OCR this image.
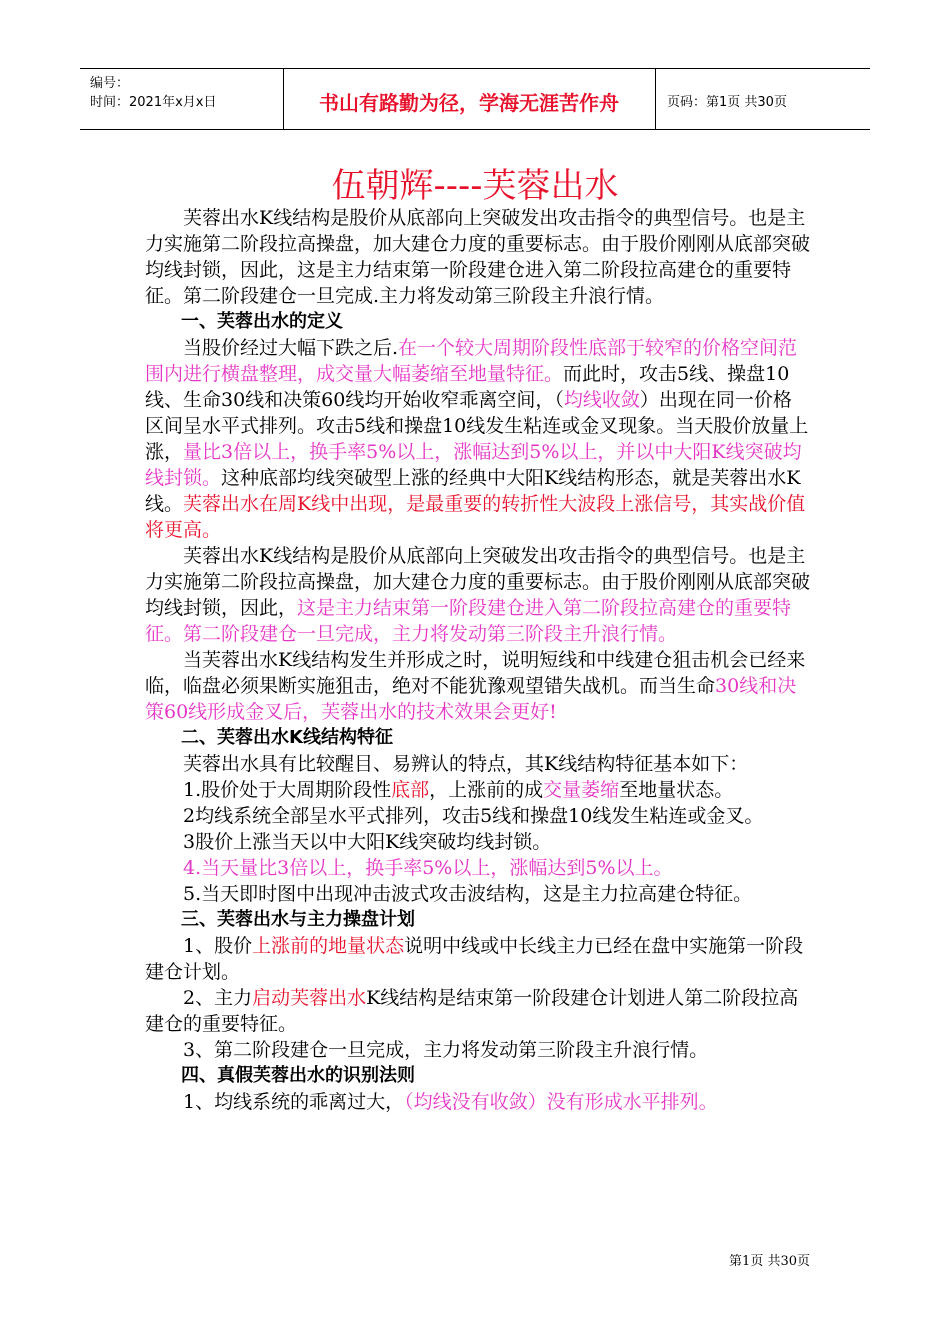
编号：
时间：2021年x月x日	书山有路勤为径，学海无涯苦作舟	页码：第1页 共30页
伍朝辉----芙蓉出水

芙蓉出水K线结构是股价从底部向上突破发出攻击指令的典型信号。也是主力实施第二阶段拉高操盘，加大建仓力度的重要标志。由于股价刚刚从底部突破均线封锁，因此，这是主力结束第一阶段建仓进入第二阶段拉高建仓的重要特征。第二阶段建仓一旦完成.主力将发动第三阶段主升浪行情。

一、芙蓉出水的定义

当股价经过大幅下跌之后.在一个较大周期阶段性底部于较窄的价格空间范围内进行横盘整理，成交量大幅萎缩至地量特征。而此时，攻击5线、操盘10线、生命30线和决策60线均开始收窄乖离空间，（均线收敛）出现在同一价格区间呈水平式排列。攻击5线和操盘10线发生粘连或金叉现象。当天股价放量上涨，量比3倍以上，换手率5%以上，涨幅达到5%以上，并以中大阳K线突破均线封锁。这种底部均线突破型上涨的经典中大阳K线结构形态，就是芙蓉出水K线。芙蓉出水在周K线中出现，是最重要的转折性大波段上涨信号，其实战价值将更高。

芙蓉出水K线结构是股价从底部向上突破发出攻击指令的典型信号。也是主力实施第二阶段拉高操盘，加大建仓力度的重要标志。由于股价刚刚从底部突破均线封锁，因此，这是主力结束第一阶段建仓进入第二阶段拉高建仓的重要特征。第二阶段建仓一旦完成，主力将发动第三阶段主升浪行情。

当芙蓉出水K线结构发生并形成之时，说明短线和中线建仓狙击机会已经来临，临盘必须果断实施狙击，绝对不能犹豫观望错失战机。而当生命30线和决策60线形成金叉后，芙蓉出水的技术效果会更好!

二、芙蓉出水K线结构特征

芙蓉出水具有比较醒目、易辨认的特点，其K线结构特征基本如下：

1.股价处于大周期阶段性底部，上涨前的成交量萎缩至地量状态。

2均线系统全部呈水平式排列，攻击5线和操盘10线发生粘连或金叉。

3股价上涨当天以中大阳K线突破均线封锁。

4.当天量比3倍以上，换手率5%以上，涨幅达到5%以上。

5.当天即时图中出现冲击波式攻击波结构，这是主力拉高建仓特征。

三、芙蓉出水与主力操盘计划

1、股价上涨前的地量状态说明中线或中长线主力已经在盘中实施第一阶段建仓计划。

2、主力启动芙蓉出水K线结构是结束第一阶段建仓计划进人第二阶段拉高建仓的重要特征。

3、第二阶段建仓一旦完成，主力将发动第三阶段主升浪行情。

四、真假芙蓉出水的识别法则

1、均线系统的乖离过大，（均线没有收敛）没有形成水平排列。

第1页 共30页
